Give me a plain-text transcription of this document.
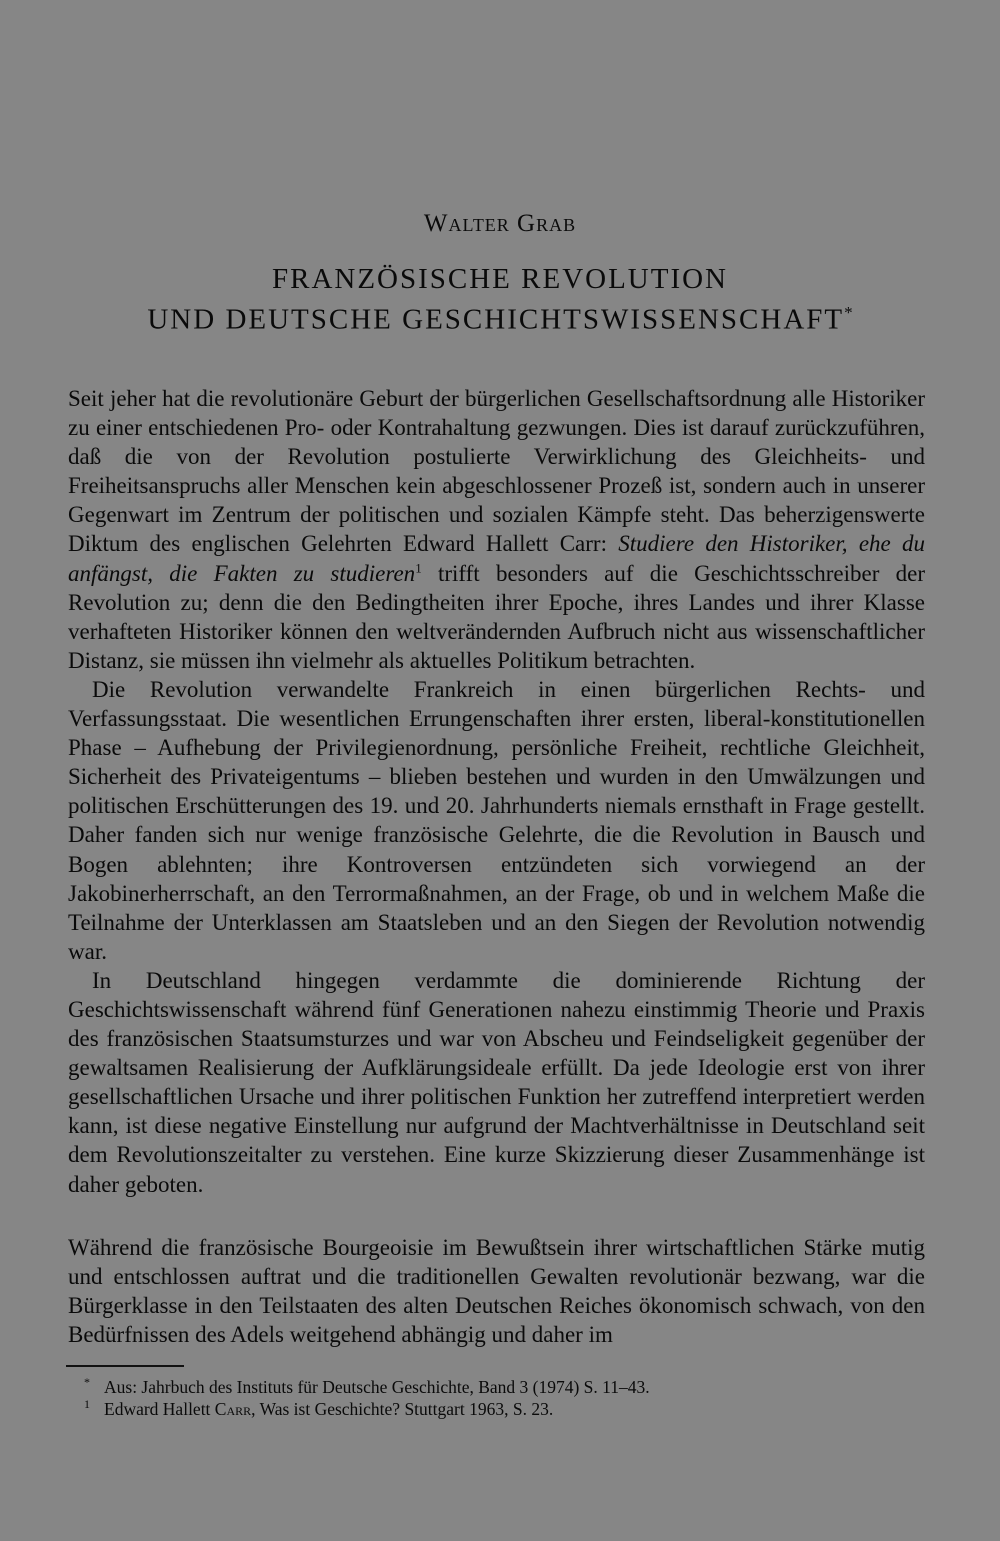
Walter Grab
FRANZÖSISCHE REVOLUTION
UND DEUTSCHE GESCHICHTSWISSENSCHAFT*

Seit jeher hat die revolutionäre Geburt der bürgerlichen Gesellschaftsordnung alle Historiker zu einer entschiedenen Pro- oder Kontrahaltung gezwungen. Dies ist darauf zurückzuführen, daß die von der Revolution postulierte Verwirklichung des Gleichheits- und Freiheitsanspruchs aller Menschen kein abgeschlossener Prozeß ist, sondern auch in unserer Gegenwart im Zentrum der politischen und sozialen Kämpfe steht. Das beherzigenswerte Diktum des englischen Gelehrten Edward Hallett Carr: Studiere den Historiker, ehe du anfängst, die Fakten zu studieren$^1$ trifft besonders auf die Geschichtsschreiber der Revolution zu; denn die den Bedingtheiten ihrer Epoche, ihres Landes und ihrer Klasse verhafteten Historiker können den weltverändernden Aufbruch nicht aus wissenschaftlicher Distanz, sie müssen ihn vielmehr als aktuelles Politikum betrachten.

Die Revolution verwandelte Frankreich in einen bürgerlichen Rechts- und Verfassungsstaat. Die wesentlichen Errungenschaften ihrer ersten, liberal-konstitutionellen Phase – Aufhebung der Privilegienordnung, persönliche Freiheit, rechtliche Gleichheit, Sicherheit des Privateigentums – blieben bestehen und wurden in den Umwälzungen und politischen Erschütterungen des 19. und 20. Jahrhunderts niemals ernsthaft in Frage gestellt. Daher fanden sich nur wenige französische Gelehrte, die die Revolution in Bausch und Bogen ablehnten; ihre Kontroversen entzündeten sich vorwiegend an der Jakobinerherrschaft, an den Terrormaßnahmen, an der Frage, ob und in welchem Maße die Teilnahme der Unterklassen am Staatsleben und an den Siegen der Revolution notwendig war.

In Deutschland hingegen verdammte die dominierende Richtung der Geschichtswissenschaft während fünf Generationen nahezu einstimmig Theorie und Praxis des französischen Staatsumsturzes und war von Abscheu und Feindseligkeit gegenüber der gewaltsamen Realisierung der Aufklärungsideale erfüllt. Da jede Ideologie erst von ihrer gesellschaftlichen Ursache und ihrer politischen Funktion her zutreffend interpretiert werden kann, ist diese negative Einstellung nur aufgrund der Machtverhältnisse in Deutschland seit dem Revolutionszeitalter zu verstehen. Eine kurze Skizzierung dieser Zusammenhänge ist daher geboten.

Während die französische Bourgeoisie im Bewußtsein ihrer wirtschaftlichen Stärke mutig und entschlossen auftrat und die traditionellen Gewalten revolutionär bezwang, war die Bürgerklasse in den Teilstaaten des alten Deutschen Reiches ökonomisch schwach, von den Bedürfnissen des Adels weitgehend abhängig und daher im

* Aus: Jahrbuch des Instituts für Deutsche Geschichte, Band 3 (1974) S. 11–43.

1 Edward Hallett Carr, Was ist Geschichte? Stuttgart 1963, S. 23.
